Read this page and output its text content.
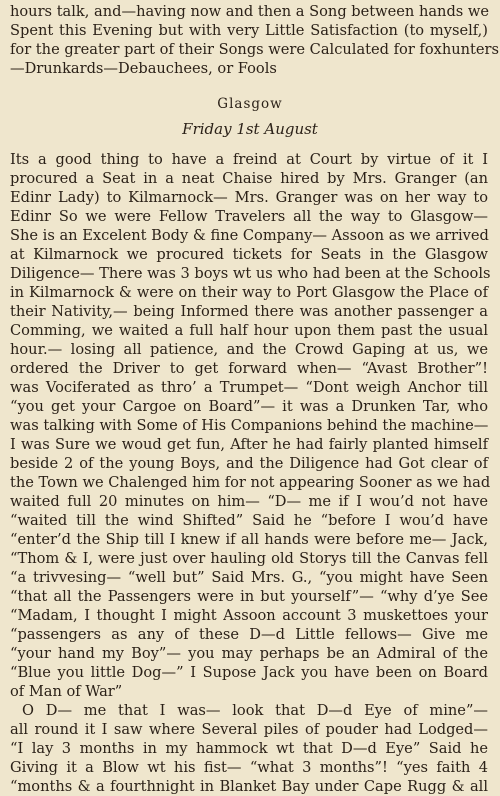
hours talk, and—having now and then a Song between hands we
Spent this Evening but with very Little Satisfaction (to myself,)
for the greater part of their Songs were Calculated for foxhunters
—Drunkards—Debauchees, or Fools
Glasgow
Friday 1st August
Its a good thing to have a freind at Court by virtue of it I
procured a Seat in a neat Chaise hired by Mrs. Granger (an
Edinr Lady) to Kilmarnock— Mrs. Granger was on her way to
Edinr So we were Fellow Travelers all the way to Glasgow—
She is an Excelent Body & fine Company— Assoon as we arrived
at Kilmarnock we procured tickets for Seats in the Glasgow
Diligence— There was 3 boys wt us who had been at the Schools
in Kilmarnock & were on their way to Port Glasgow the Place of
their Nativity,— being Informed there was another passenger a
Comming, we waited a full half hour upon them past the usual
hour.— losing all patience, and the Crowd Gaping at us, we
ordered the Driver to get forward when— “Avast Brother”!
was Vociferated as thro’ a Trumpet— “Dont weigh Anchor till
“you get your Cargoe on Board”— it was a Drunken Tar, who
was talking with Some of His Companions behind the machine—
I was Sure we woud get fun, After he had fairly planted himself
beside 2 of the young Boys, and the Diligence had Got clear of
the Town we Chalenged him for not appearing Sooner as we had
waited full 20 minutes on him— “D— me if I wou’d not have
“waited till the wind Shifted” Said he “before I wou’d have
“enter’d the Ship till I knew if all hands were before me— Jack,
“Thom & I, were just over hauling old Storys till the Canvas fell
“a trivvesing— “well but” Said Mrs. G., “you might have Seen
“that all the Passengers were in but yourself”— “why d’ye See
“Madam, I thought I might Assoon account 3 muskettoes your
“passengers as any of these D—d Little fellows— Give me
“your hand my Boy”— you may perhaps be an Admiral of the
“Blue you little Dog—” I Supose Jack you have been on Board
of Man of War”
O D— me that I was— look that D—d Eye of mine”—
all round it I saw where Several piles of pouder had Lodged—
“I lay 3 months in my hammock wt that D—d Eye” Said he
Giving it a Blow wt his fist— “what 3 months”! “yes faith 4
“months & a fourthnight in Blanket Bay under Cape Rugg & all
